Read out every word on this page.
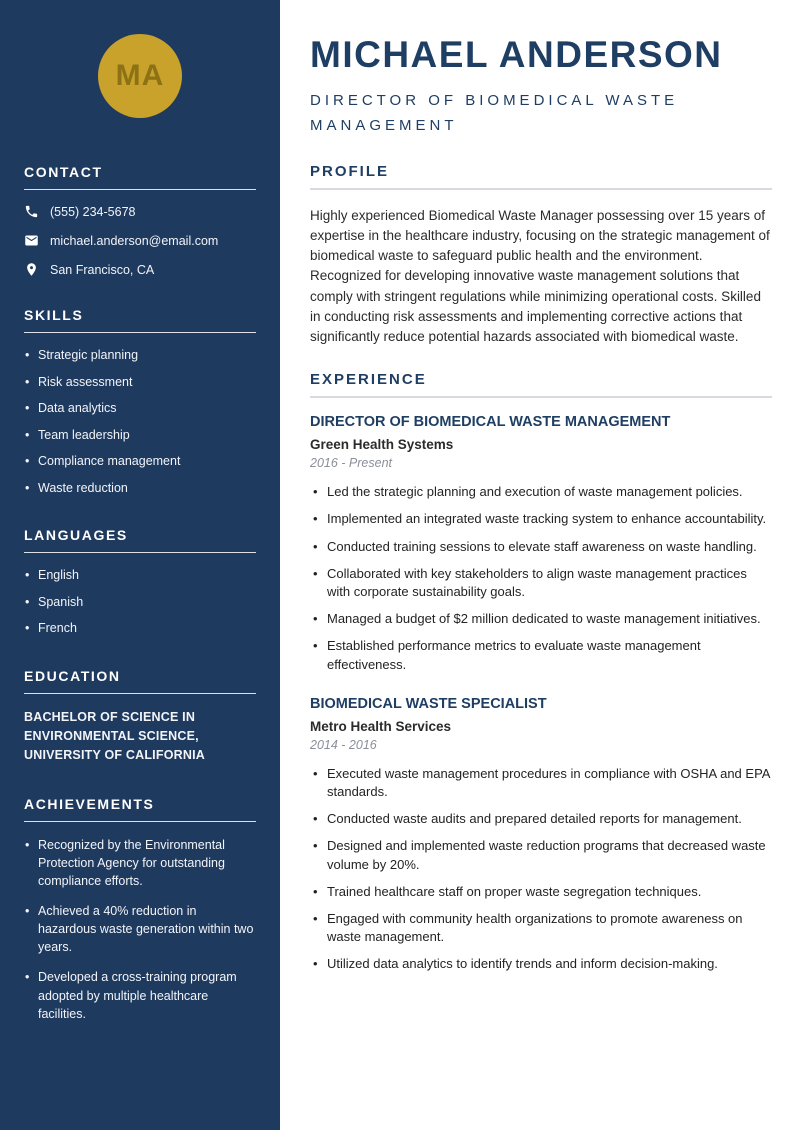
MA
CONTACT
(555) 234-5678
michael.anderson@email.com
San Francisco, CA
SKILLS
• Strategic planning
• Risk assessment
• Data analytics
• Team leadership
• Compliance management
• Waste reduction
LANGUAGES
• English
• Spanish
• French
EDUCATION

BACHELOR OF SCIENCE IN ENVIRONMENTAL SCIENCE, UNIVERSITY OF CALIFORNIA

ACHIEVEMENTS
• Recognized by the Environmental Protection Agency for outstanding compliance efforts.
• Achieved a 40% reduction in hazardous waste generation within two years.
• Developed a cross-training program adopted by multiple healthcare facilities.
MICHAEL ANDERSON
DIRECTOR OF BIOMEDICAL WASTE MANAGEMENT
PROFILE

Highly experienced Biomedical Waste Manager possessing over 15 years of expertise in the healthcare industry, focusing on the strategic management of biomedical waste to safeguard public health and the environment. Recognized for developing innovative waste management solutions that comply with stringent regulations while minimizing operational costs. Skilled in conducting risk assessments and implementing corrective actions that significantly reduce potential hazards associated with biomedical waste.

EXPERIENCE
DIRECTOR OF BIOMEDICAL WASTE MANAGEMENT
Green Health Systems
2016 - Present
• Led the strategic planning and execution of waste management policies.
• Implemented an integrated waste tracking system to enhance accountability.
• Conducted training sessions to elevate staff awareness on waste handling.
• Collaborated with key stakeholders to align waste management practices with corporate sustainability goals.
• Managed a budget of $2 million dedicated to waste management initiatives.
• Established performance metrics to evaluate waste management effectiveness.
BIOMEDICAL WASTE SPECIALIST
Metro Health Services
2014 - 2016
• Executed waste management procedures in compliance with OSHA and EPA standards.
• Conducted waste audits and prepared detailed reports for management.
• Designed and implemented waste reduction programs that decreased waste volume by 20%.
• Trained healthcare staff on proper waste segregation techniques.
• Engaged with community health organizations to promote awareness on waste management.
• Utilized data analytics to identify trends and inform decision-making.
